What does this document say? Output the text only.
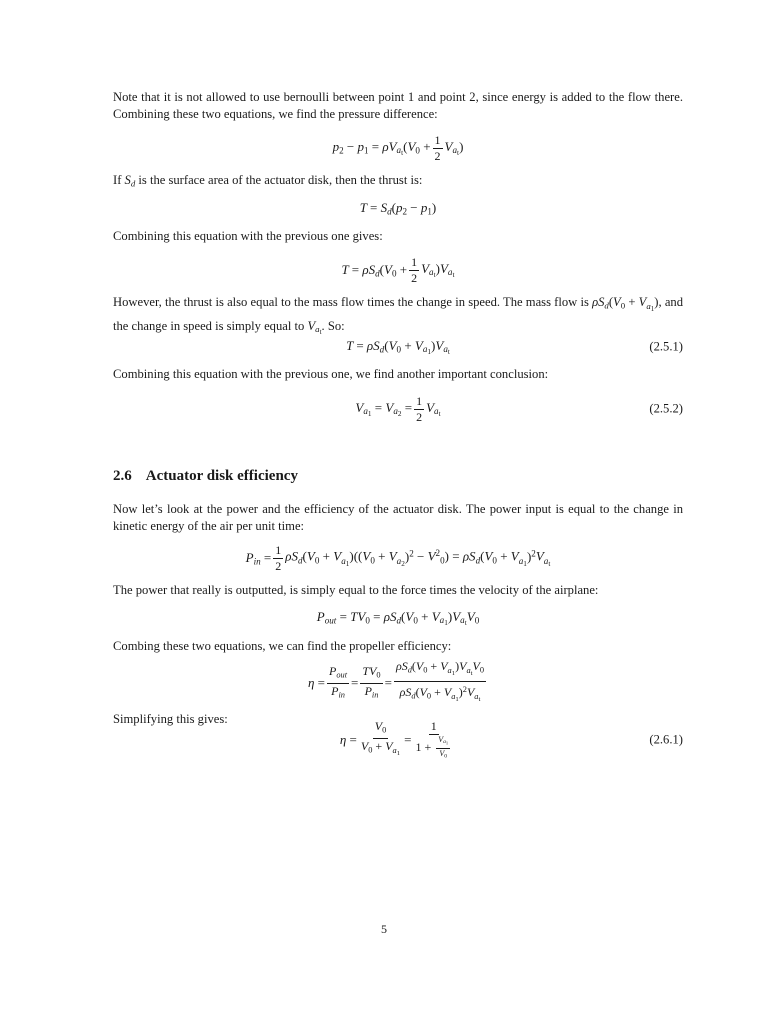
Note that it is not allowed to use bernoulli between point 1 and point 2, since energy is added to the flow there. Combining these two equations, we find the pressure difference:

$p_2 - p_1 = \rho V_{a_t}(V_0 + \frac{1}{2} V_{a_t})$

If $S_d$ is the surface area of the actuator disk, then the thrust is:

$T = S_d(p_2 - p_1)$

Combining this equation with the previous one gives:

$T = \rho S_d(V_0 + \frac{1}{2} V_{a_t})V_{a_t}$

However, the thrust is also equal to the mass flow times the change in speed. The mass flow is $\rho S_d(V_0 + V_{a_1})$, and the change in speed is simply equal to $V_{a_t}$. So:

$T = \rho S_d(V_0 + V_{a_1})V_{a_t}$	(2.5.1)

Combining this equation with the previous one, we find another important conclusion:

$V_{a_1} = V_{a_2} = \frac{1}{2} V_{a_t}$	(2.5.2)
2.6 Actuator disk efficiency

Now let’s look at the power and the efficiency of the actuator disk. The power input is equal to the change in kinetic energy of the air per unit time:

$P_{in} = \frac{1}{2} \rho S_d(V_0 + V_{a_1})((V_0 + V_{a_2})^2 - V^2_0) = \rho S_d(V_0 + V_{a_1})^2V_{a_t}$

The power that really is outputted, is simply equal to the force times the velocity of the airplane:

$P_{out} = TV_0 = \rho S_d(V_0 + V_{a_1})V_{a_t}V_0$

Combing these two equations, we can find the propeller efficiency:

$\eta = \frac{P_{out}}{P_{in}} = \frac{TV_0}{P_{in}} = \frac{\rho S_d(V_0 + V_{a_1})V_{a_t}V_0}{\rho S_d(V_0 + V_{a_1})^2V_{a_t}}$

Simplifying this gives:

$\eta = \frac{V_0}{V_0 + V_{a_1}} = \frac{1}{1 + \frac{V_{a_1}}{V_0}}$	(2.6.1)
5
